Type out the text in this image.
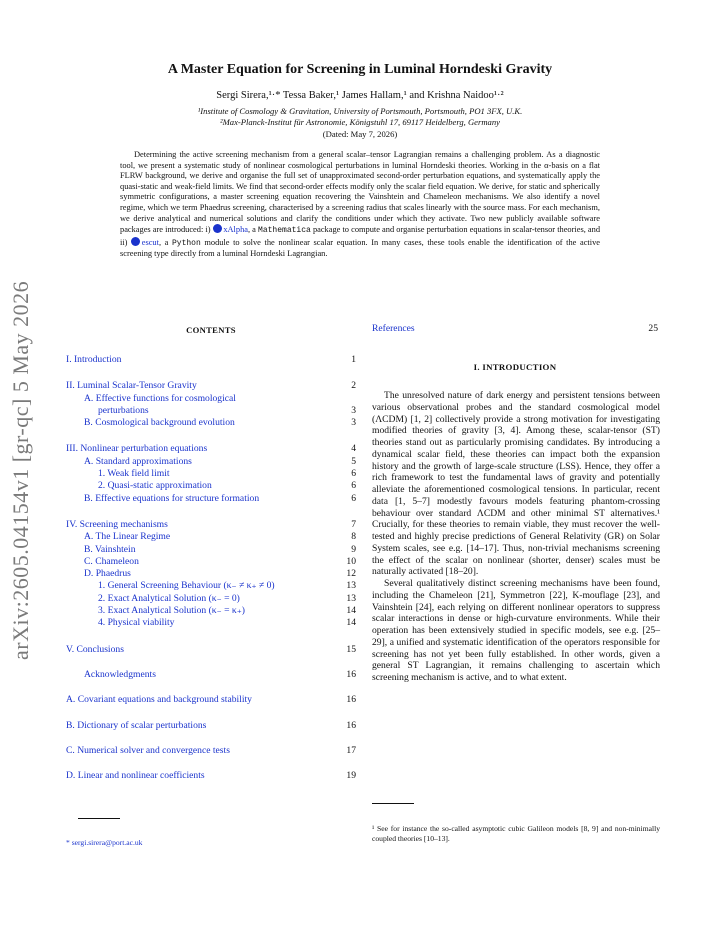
arXiv:2605.04154v1 [gr-qc] 5 May 2026
A Master Equation for Screening in Luminal Horndeski Gravity
Sergi Sirera,¹·* Tessa Baker,¹ James Hallam,¹ and Krishna Naidoo¹·²
¹Institute of Cosmology & Gravitation, University of Portsmouth, Portsmouth, PO1 3FX, U.K.
²Max-Planck-Institut für Astronomie, Königstuhl 17, 69117 Heidelberg, Germany
(Dated: May 7, 2026)

Determining the active screening mechanism from a general scalar–tensor Lagrangian remains a challenging problem. As a diagnostic tool, we present a systematic study of nonlinear cosmological perturbations in luminal Horndeski theories. Working in the α-basis on a flat FLRW background, we derive and organise the full set of unapproximated second-order perturbation equations, and systematically apply the quasi-static and weak-field limits. We find that second-order effects modify only the scalar field equation. We derive, for static and spherically symmetric configurations, a master screening equation recovering the Vainshtein and Chameleon mechanisms. We also identify a novel regime, which we term Phaedrus screening, characterised by a screening radius that scales linearly with the source mass. For each mechanism, we derive analytical and numerical solutions and clarify the conditions under which they activate. Two new publicly available software packages are introduced: i)  xAlpha, a Mathematica package to compute and organise perturbation equations in scalar-tensor theories, and ii)  escut, a Python module to solve the nonlinear scalar equation. In many cases, these tools enable the identification of the active screening type directly from a luminal Horndeski Lagrangian.

CONTENTS
I. Introduction	1
II. Luminal Scalar-Tensor Gravity	2
A. Effective functions for cosmological
perturbations	3
B. Cosmological background evolution	3
III. Nonlinear perturbation equations	4
A. Standard approximations	5
1. Weak field limit	6
2. Quasi-static approximation	6
B. Effective equations for structure formation	6
IV. Screening mechanisms	7
A. The Linear Regime	8
B. Vainshtein	9
C. Chameleon	10
D. Phaedrus	12
1. General Screening Behaviour (κ₋ ≠ κ₊ ≠ 0)	13
2. Exact Analytical Solution (κ₋ = 0)	13
3. Exact Analytical Solution (κ₋ = κ₊)	14
4. Physical viability	14
V. Conclusions	15
Acknowledgments	16
A. Covariant equations and background stability	16
B. Dictionary of scalar perturbations	16
C. Numerical solver and convergence tests	17
D. Linear and nonlinear coefficients	19
References	25
I. INTRODUCTION

The unresolved nature of dark energy and persistent tensions between various observational probes and the standard cosmological model (ΛCDM) [1, 2] collectively provide a strong motivation for investigating modified theories of gravity [3, 4]. Among these, scalar-tensor (ST) theories stand out as particularly promising candidates. By introducing a dynamical scalar field, these theories can impact both the expansion history and the growth of large-scale structure (LSS). Hence, they offer a rich framework to test the fundamental laws of gravity and potentially alleviate the aforementioned cosmological tensions. In particular, recent data [1, 5–7] modestly favours models featuring phantom-crossing behaviour over standard ΛCDM and other minimal ST alternatives.¹ Crucially, for these theories to remain viable, they must recover the well-tested and highly precise predictions of General Relativity (GR) on Solar System scales, see e.g. [14–17]. Thus, non-trivial mechanisms screening the effect of the scalar on nonlinear (shorter, denser) scales must be naturally activated [18–20].

Several qualitatively distinct screening mechanisms have been found, including the Chameleon [21], Symmetron [22], K-mouflage [23], and Vainshtein [24], each relying on different nonlinear operators to suppress scalar interactions in dense or high-curvature environments. While their operation has been extensively studied in specific models, see e.g. [25–29], a unified and systematic identification of the operators responsible for screening has not yet been fully established. In other words, given a general ST Lagrangian, it remains challenging to ascertain which screening mechanism is active, and to what extent.

* sergi.sirera@port.ac.uk
¹ See for instance the so-called asymptotic cubic Galileon models [8, 9] and non-minimally coupled theories [10–13].
